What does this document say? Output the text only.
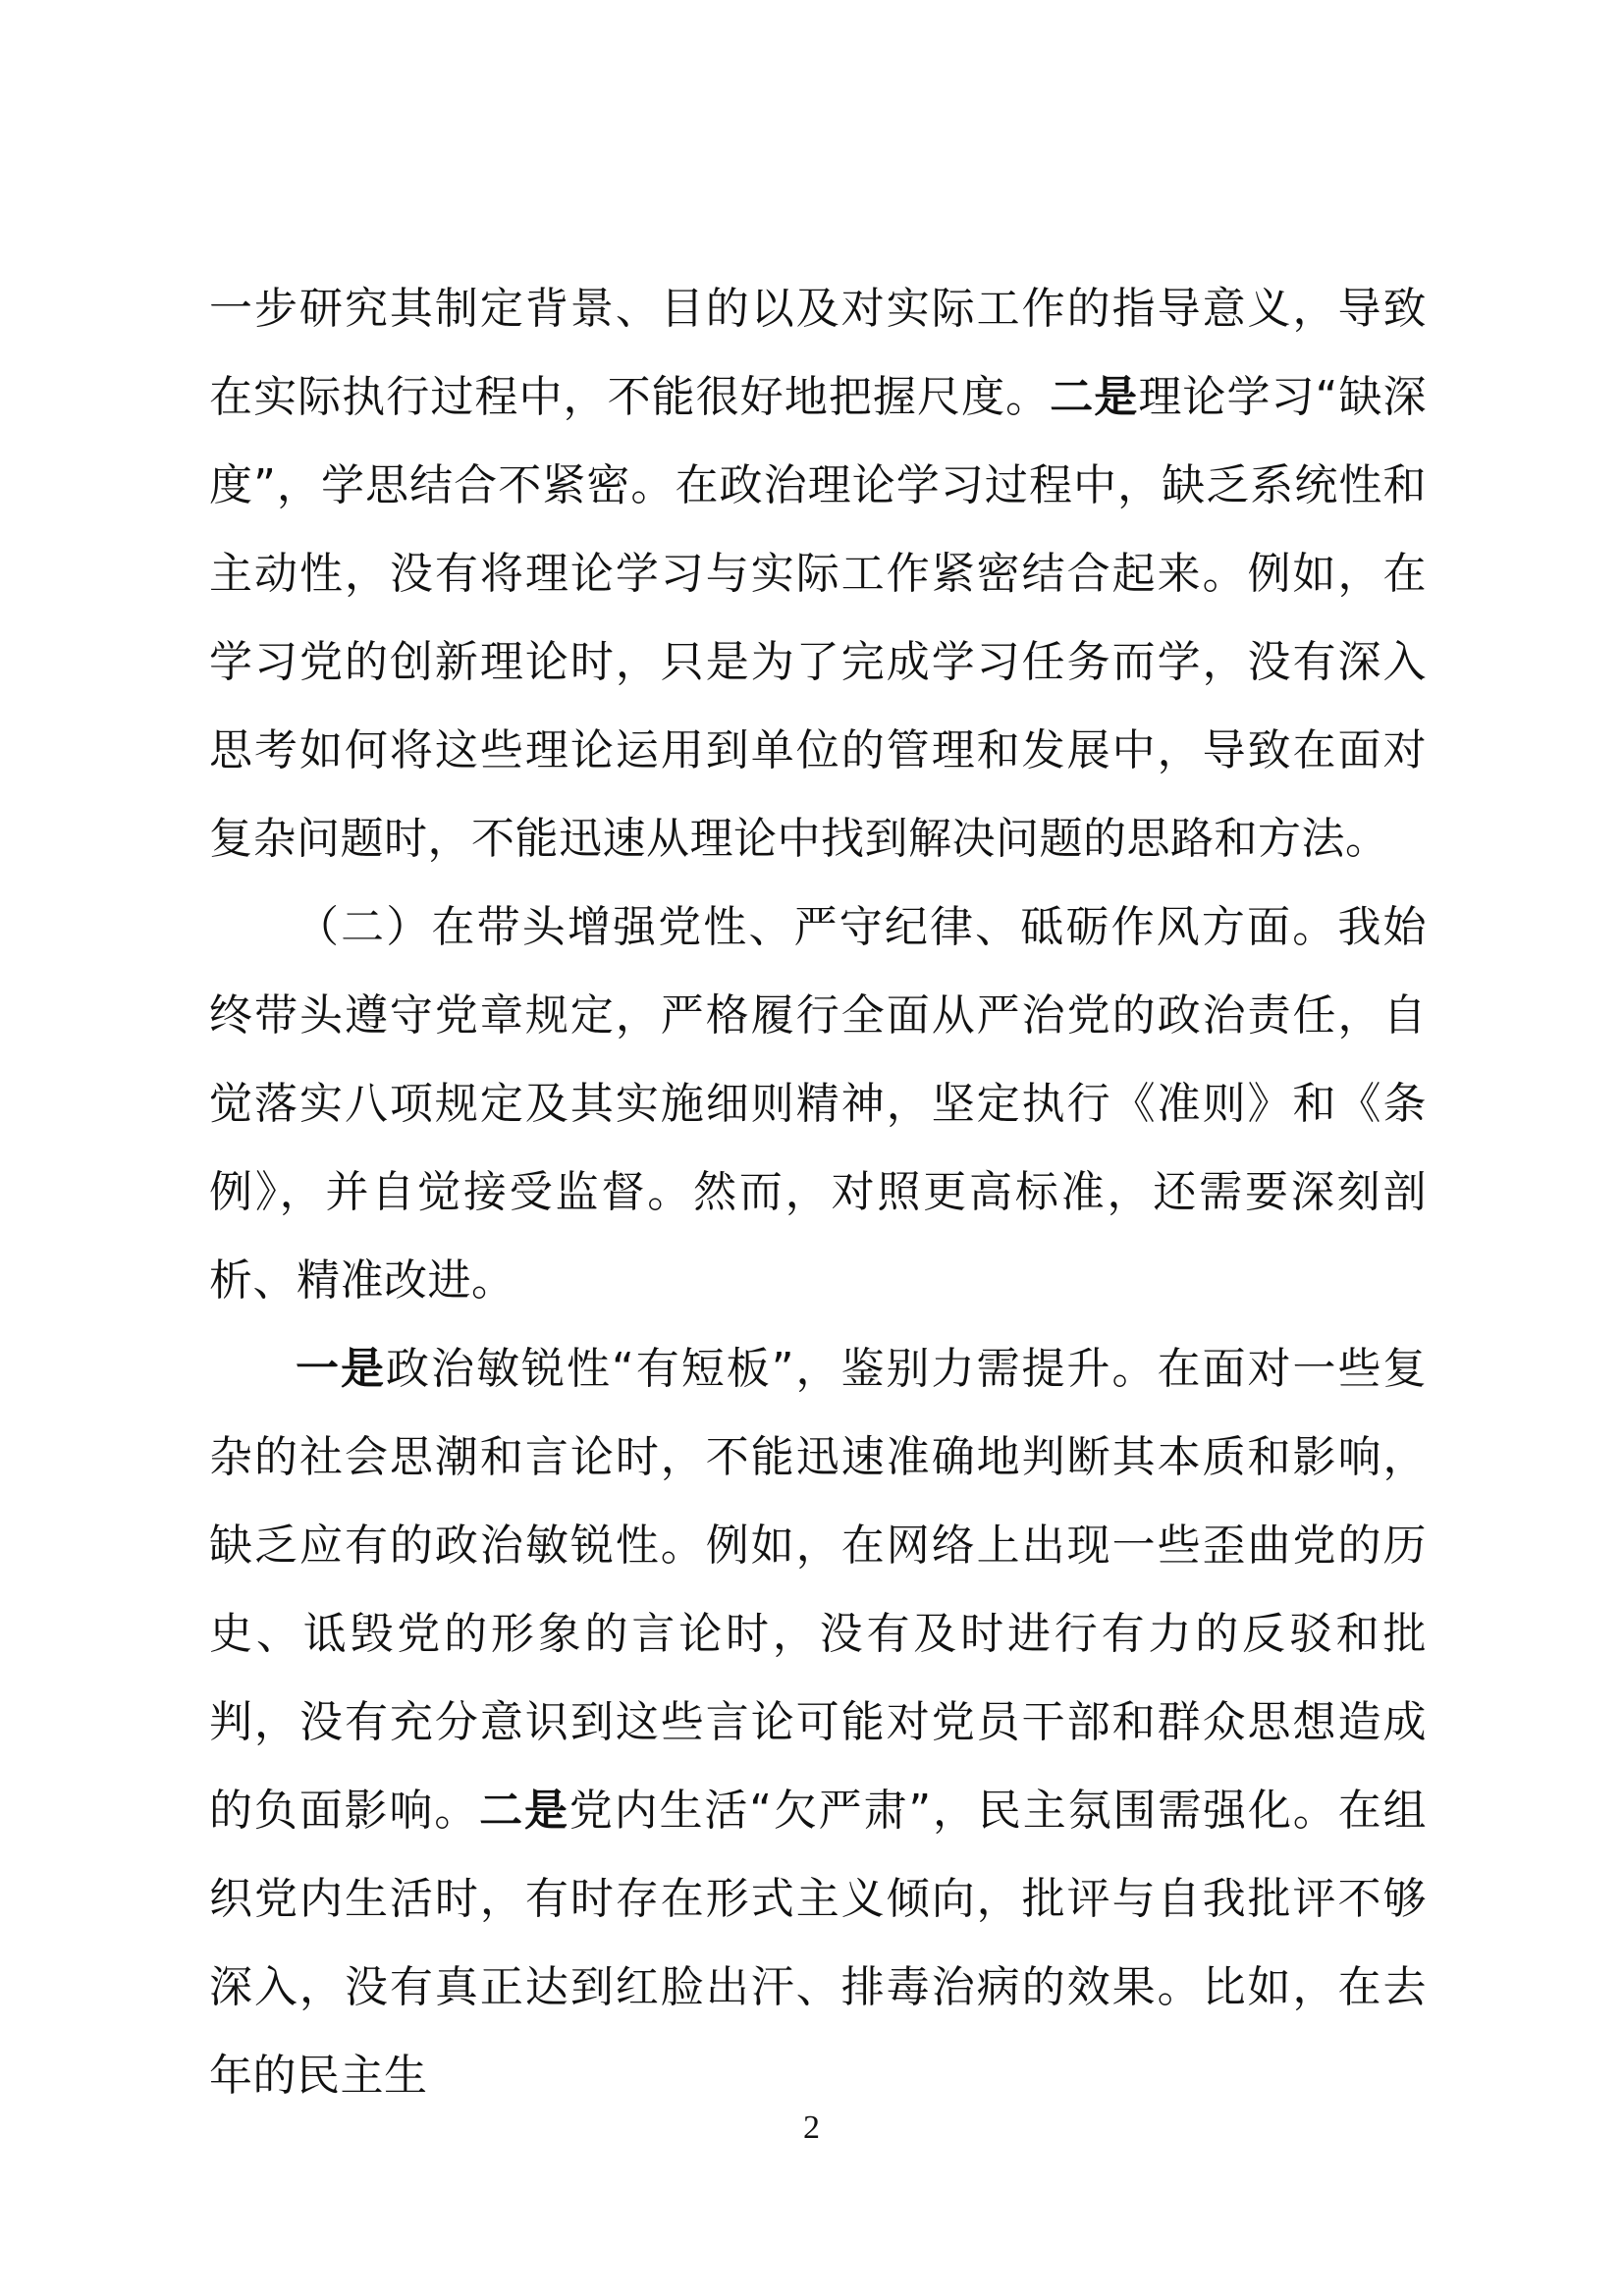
一步研究其制定背景、目的以及对实际工作的指导意义，导致在实际执行过程中，不能很好地把握尺度。二是理论学习“缺深度”，学思结合不紧密。在政治理论学习过程中，缺乏系统性和主动性，没有将理论学习与实际工作紧密结合起来。例如，在学习党的创新理论时，只是为了完成学习任务而学，没有深入思考如何将这些理论运用到单位的管理和发展中，导致在面对复杂问题时，不能迅速从理论中找到解决问题的思路和方法。

（二）在带头增强党性、严守纪律、砥砺作风方面。我始终带头遵守党章规定，严格履行全面从严治党的政治责任，自觉落实八项规定及其实施细则精神，坚定执行《准则》和《条例》，并自觉接受监督。然而，对照更高标准，还需要深刻剖析、精准改进。

一是政治敏锐性“有短板”，鉴别力需提升。在面对一些复杂的社会思潮和言论时，不能迅速准确地判断其本质和影响，缺乏应有的政治敏锐性。例如，在网络上出现一些歪曲党的历史、诋毁党的形象的言论时，没有及时进行有力的反驳和批判，没有充分意识到这些言论可能对党员干部和群众思想造成的负面影响。二是党内生活“欠严肃”，民主氛围需强化。在组织党内生活时，有时存在形式主义倾向，批评与自我批评不够深入，没有真正达到红脸出汗、排毒治病的效果。比如，在去年的民主生

2
